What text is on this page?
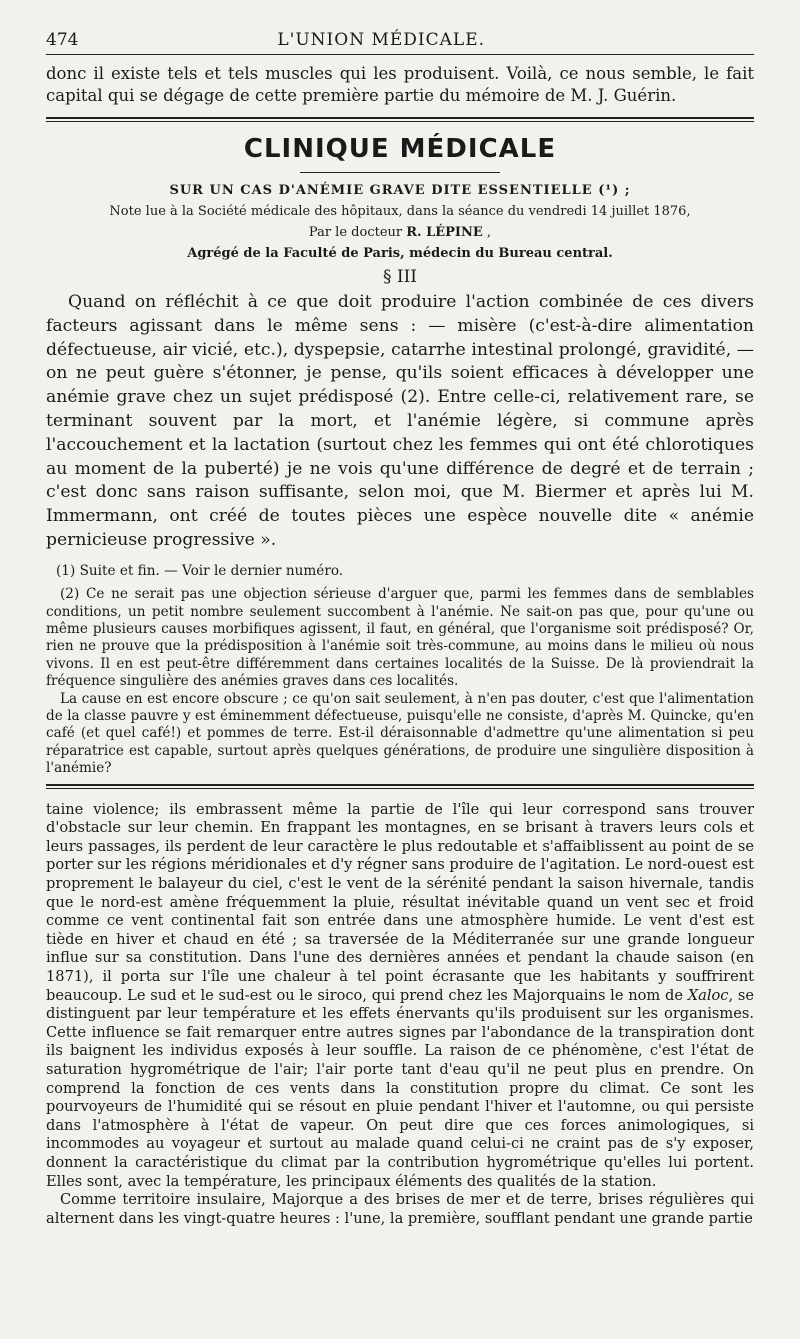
474	L'UNION MÉDICALE.

donc il existe tels et tels muscles qui les produisent. Voilà, ce nous semble, le fait capital qui se dégage de cette première partie du mémoire de M. J. Guérin.

CLINIQUE MÉDICALE
SUR UN CAS D'ANÉMIE GRAVE DITE ESSENTIELLE (¹) ;
Note lue à la Société médicale des hôpitaux, dans la séance du vendredi 14 juillet 1876,
Par le docteur R. LÉPINE ,
Agrégé de la Faculté de Paris, médecin du Bureau central.
§ III

Quand on réfléchit à ce que doit produire l'action combinée de ces divers facteurs agissant dans le même sens : — misère (c'est-à-dire alimentation défectueuse, air vicié, etc.), dyspepsie, catarrhe intestinal prolongé, gravidité, — on ne peut guère s'étonner, je pense, qu'ils soient efficaces à développer une anémie grave chez un sujet prédisposé (2). Entre celle-ci, relativement rare, se terminant souvent par la mort, et l'anémie légère, si commune après l'accouchement et la lactation (surtout chez les femmes qui ont été chlorotiques au moment de la puberté) je ne vois qu'une différence de degré et de terrain ; c'est donc sans raison suffisante, selon moi, que M. Biermer et après lui M. Immermann, ont créé de toutes pièces une espèce nouvelle dite « anémie pernicieuse progressive ».

(1) Suite et fin. — Voir le dernier numéro.

(2) Ce ne serait pas une objection sérieuse d'arguer que, parmi les femmes dans de semblables conditions, un petit nombre seulement succombent à l'anémie. Ne sait-on pas que, pour qu'une ou même plusieurs causes morbifiques agissent, il faut, en général, que l'organisme soit prédisposé? Or, rien ne prouve que la prédisposition à l'anémie soit très-commune, au moins dans le milieu où nous vivons. Il en est peut-être différemment dans certaines localités de la Suisse. De là proviendrait la fréquence singulière des anémies graves dans ces localités.

La cause en est encore obscure ; ce qu'on sait seulement, à n'en pas douter, c'est que l'alimentation de la classe pauvre y est éminemment défectueuse, puisqu'elle ne consiste, d'après M. Quincke, qu'en café (et quel café!) et pommes de terre. Est-il déraisonnable d'admettre qu'une alimentation si peu réparatrice est capable, surtout après quelques générations, de produire une singulière disposition à l'anémie?

taine violence; ils embrassent même la partie de l'île qui leur correspond sans trouver d'obstacle sur leur chemin. En frappant les montagnes, en se brisant à travers leurs cols et leurs passages, ils perdent de leur caractère le plus redoutable et s'affaiblissent au point de se porter sur les régions méridionales et d'y régner sans produire de l'agitation. Le nord-ouest est proprement le balayeur du ciel, c'est le vent de la sérénité pendant la saison hivernale, tandis que le nord-est amène fréquemment la pluie, résultat inévitable quand un vent sec et froid comme ce vent continental fait son entrée dans une atmosphère humide. Le vent d'est est tiède en hiver et chaud en été ; sa traversée de la Méditerranée sur une grande longueur influe sur sa constitution. Dans l'une des dernières années et pendant la chaude saison (en 1871), il porta sur l'île une chaleur à tel point écrasante que les habitants y souffrirent beaucoup. Le sud et le sud-est ou le siroco, qui prend chez les Majorquains le nom de Xaloc, se distinguent par leur température et les effets énervants qu'ils produisent sur les organismes. Cette influence se fait remarquer entre autres signes par l'abondance de la transpiration dont ils baignent les individus exposés à leur souffle. La raison de ce phénomène, c'est l'état de saturation hygrométrique de l'air; l'air porte tant d'eau qu'il ne peut plus en prendre. On comprend la fonction de ces vents dans la constitution propre du climat. Ce sont les pourvoyeurs de l'humidité qui se résout en pluie pendant l'hiver et l'automne, ou qui persiste dans l'atmosphère à l'état de vapeur. On peut dire que ces forces animologiques, si incommodes au voyageur et surtout au malade quand celui-ci ne craint pas de s'y exposer, donnent la caractéristique du climat par la contribution hygrométrique qu'elles lui portent. Elles sont, avec la température, les principaux éléments des qualités de la station.

Comme territoire insulaire, Majorque a des brises de mer et de terre, brises régulières qui alternent dans les vingt-quatre heures : l'une, la première, soufflant pendant une grande partie
